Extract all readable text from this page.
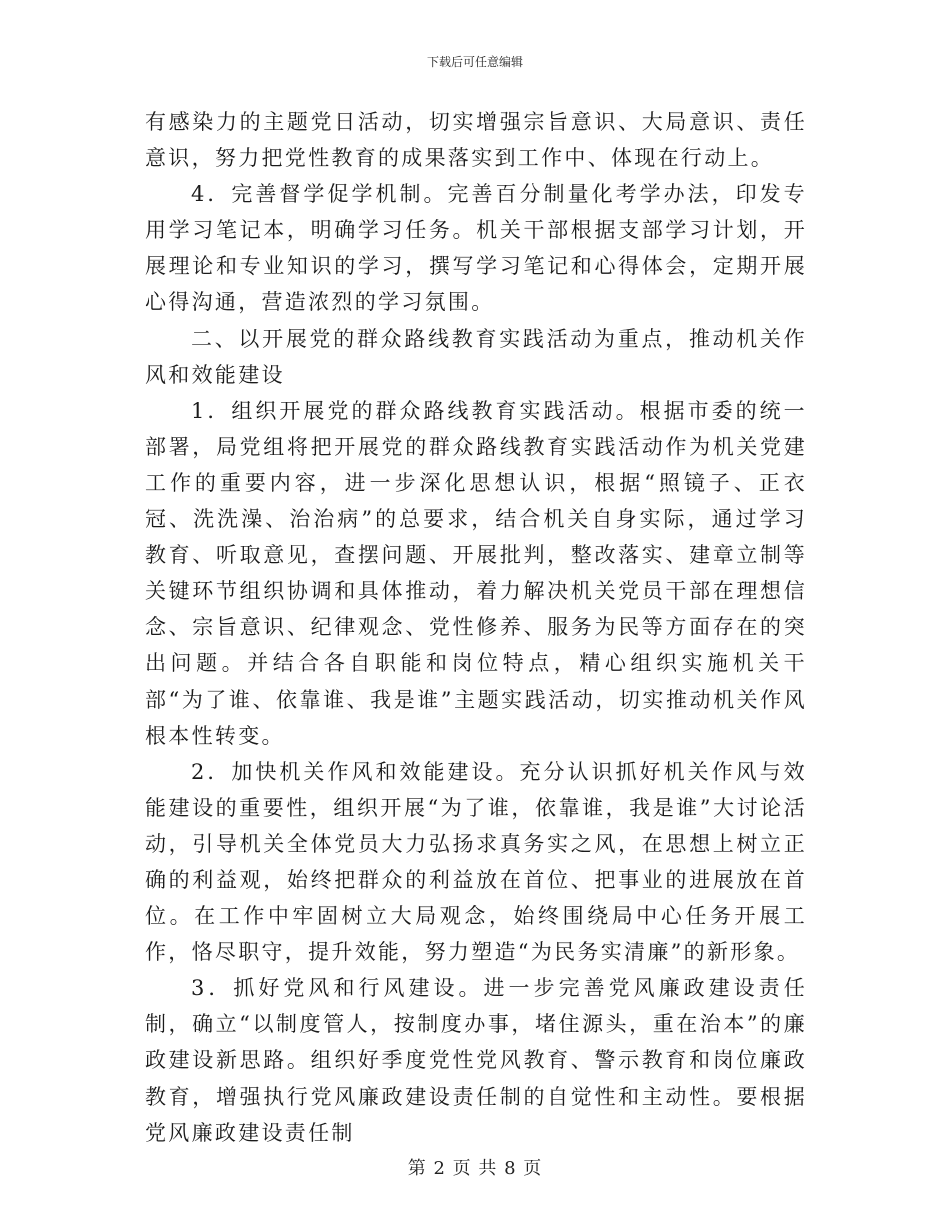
下载后可任意编辑

有感染力的主题党日活动，切实增强宗旨意识、大局意识、责任意识，努力把党性教育的成果落实到工作中、体现在行动上。

4．完善督学促学机制。完善百分制量化考学办法，印发专用学习笔记本，明确学习任务。机关干部根据支部学习计划，开展理论和专业知识的学习，撰写学习笔记和心得体会，定期开展心得沟通，营造浓烈的学习氛围。

二、以开展党的群众路线教育实践活动为重点，推动机关作风和效能建设

1．组织开展党的群众路线教育实践活动。根据市委的统一部署，局党组将把开展党的群众路线教育实践活动作为机关党建工作的重要内容，进一步深化思想认识，根据“照镜子、正衣冠、洗洗澡、治治病”的总要求，结合机关自身实际，通过学习教育、听取意见，查摆问题、开展批判，整改落实、建章立制等关键环节组织协调和具体推动，着力解决机关党员干部在理想信念、宗旨意识、纪律观念、党性修养、服务为民等方面存在的突出问题。并结合各自职能和岗位特点，精心组织实施机关干部“为了谁、依靠谁、我是谁”主题实践活动，切实推动机关作风根本性转变。

2．加快机关作风和效能建设。充分认识抓好机关作风与效能建设的重要性，组织开展“为了谁，依靠谁，我是谁”大讨论活动，引导机关全体党员大力弘扬求真务实之风，在思想上树立正确的利益观，始终把群众的利益放在首位、把事业的进展放在首位。在工作中牢固树立大局观念，始终围绕局中心任务开展工作，恪尽职守，提升效能，努力塑造“为民务实清廉”的新形象。

3．抓好党风和行风建设。进一步完善党风廉政建设责任制，确立“以制度管人，按制度办事，堵住源头，重在治本”的廉政建设新思路。组织好季度党性党风教育、警示教育和岗位廉政教育，增强执行党风廉政建设责任制的自觉性和主动性。要根据党风廉政建设责任制

第 2 页 共 8 页
